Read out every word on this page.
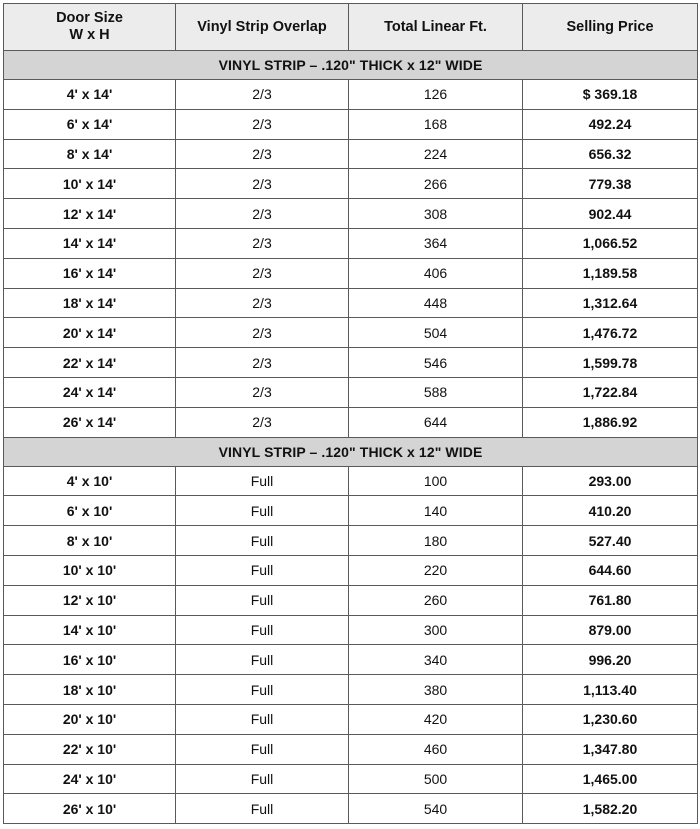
Door Size
W x H	Vinyl Strip Overlap	Total Linear Ft.	Selling Price
VINYL STRIP – .120" THICK x 12" WIDE			
4' x 14'	2/3	126	$ 369.18
6' x 14'	2/3	168	492.24
8' x 14'	2/3	224	656.32
10' x 14'	2/3	266	779.38
12' x 14'	2/3	308	902.44
14' x 14'	2/3	364	1,066.52
16' x 14'	2/3	406	1,189.58
18' x 14'	2/3	448	1,312.64
20' x 14'	2/3	504	1,476.72
22' x 14'	2/3	546	1,599.78
24' x 14'	2/3	588	1,722.84
26' x 14'	2/3	644	1,886.92
VINYL STRIP – .120" THICK x 12" WIDE			
4' x 10'	Full	100	293.00
6' x 10'	Full	140	410.20
8' x 10'	Full	180	527.40
10' x 10'	Full	220	644.60
12' x 10'	Full	260	761.80
14' x 10'	Full	300	879.00
16' x 10'	Full	340	996.20
18' x 10'	Full	380	1,113.40
20' x 10'	Full	420	1,230.60
22' x 10'	Full	460	1,347.80
24' x 10'	Full	500	1,465.00
26' x 10'	Full	540	1,582.20
